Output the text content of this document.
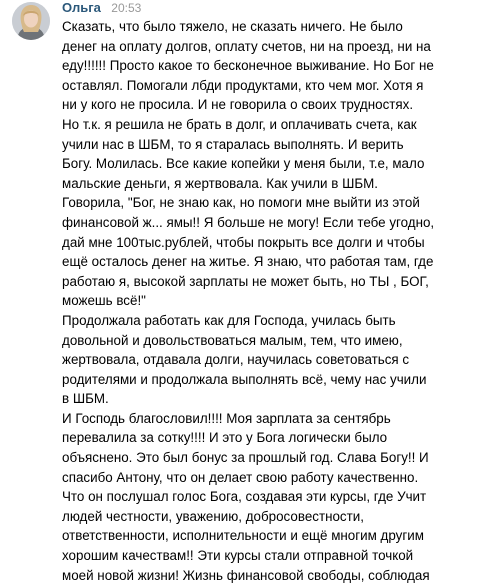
Ольга 20:53
Сказать, что было тяжело, не сказать ничего. Не было
денег на оплату долгов, оплату счетов, ни на проезд, ни на
еду!!!!!! Просто какое то бесконечное выживание. Но Бог не
оставлял. Помогали лбди продуктами, кто чем мог. Хотя я
ни у кого не просила. И не говорила о своих трудностях.
Но т.к. я решила не брать в долг, и оплачивать счета, как
учили нас в ШБМ, то я старалась выполнять. И верить
Богу. Молилась. Все какие копейки у меня были, т.е, мало
мальские деньги, я жертвовала. Как учили в ШБМ.
Говорила, "Бог, не знаю как, но помоги мне выйти из этой
финансовой ж... ямы!! Я больше не могу! Если тебе угодно,
дай мне 100тыс.рублей, чтобы покрыть все долги и чтобы
ещё осталось денег на житье. Я знаю, что работая там, где
работаю я, высокой зарплаты не может быть, но ТЫ , БОГ,
можешь всё!"
Продолжала работать как для Господа, училась быть
довольной и довольствоваться малым, тем, что имею,
жертвовала, отдавала долги, научилась советоваться с
родителями и продолжала выполнять всё, чему нас учили
в ШБМ.
И Господь благословил!!!! Моя зарплата за сентябрь
перевалила за сотку!!!! И это у Бога логически было
объяснено. Это был бонус за прошлый год. Слава Богу!! И
спасибо Антону, что он делает свою работу качественно.
Что он послушал голос Бога, создавая эти курсы, где Учит
людей честности, уважению, добросовестности,
ответственности, исполнительности и ещё многим другим
хорошим качествам!! Эти курсы стали отправной точкой
моей новой жизни! Жизнь финансовой свободы, соблюдая
